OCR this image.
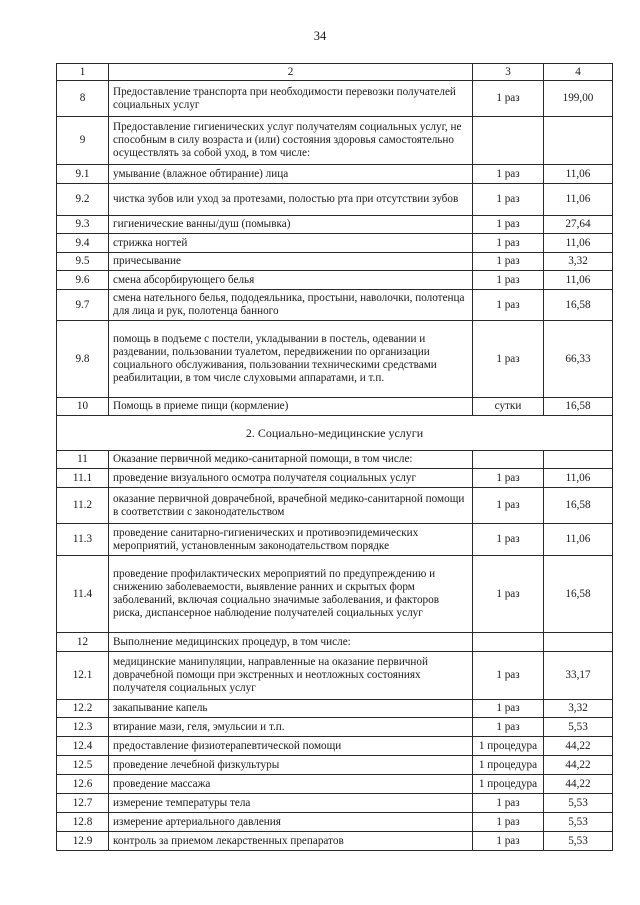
34
1	2	3	4
8	Предоставление транспорта при необходимости перевозки получателей социальных услуг	1 раз	199,00
9	Предоставление гигиенических услуг получателям социальных услуг, не способным в силу возраста и (или) состояния здоровья самостоятельно осуществлять за собой уход, в том числе:		
9.1	умывание (влажное обтирание) лица	1 раз	11,06
9.2	чистка зубов или уход за протезами, полостью рта при отсутствии зубов	1 раз	11,06
9.3	гигиенические ванны/душ (помывка)	1 раз	27,64
9.4	стрижка ногтей	1 раз	11,06
9.5	причесывание	1 раз	3,32
9.6	смена абсорбирующего белья	1 раз	11,06
9.7	смена нательного белья, пододеяльника, простыни, наволочки, полотенца для лица и рук, полотенца банного	1 раз	16,58
9.8	помощь в подъеме с постели, укладывании в постель, одевании и раздевании, пользовании туалетом, передвижении по организации социального обслуживания, пользовании техническими средствами реабилитации, в том числе слуховыми аппаратами, и т.п.	1 раз	66,33
10	Помощь в приеме пищи (кормление)	сутки	16,58
2. Социально-медицинские услуги			
11	Оказание первичной медико-санитарной помощи, в том числе:		
11.1	проведение визуального осмотра получателя социальных услуг	1 раз	11,06
11.2	оказание первичной доврачебной, врачебной медико-санитарной помощи в соответствии с законодательством	1 раз	16,58
11.3	проведение санитарно-гигиенических и противоэпидемических мероприятий, установленным законодательством порядке	1 раз	11,06
11.4	проведение профилактических мероприятий по предупреждению и снижению заболеваемости, выявление ранних и скрытых форм заболеваний, включая социально значимые заболевания, и факторов риска, диспансерное наблюдение получателей социальных услуг	1 раз	16,58
12	Выполнение медицинских процедур, в том числе:		
12.1	медицинские манипуляции, направленные на оказание первичной доврачебной помощи при экстренных и неотложных состояниях получателя социальных услуг	1 раз	33,17
12.2	закапывание капель	1 раз	3,32
12.3	втирание мази, геля, эмульсии и т.п.	1 раз	5,53
12.4	предоставление физиотерапевтической помощи	1 процедура	44,22
12.5	проведение лечебной физкультуры	1 процедура	44,22
12.6	проведение массажа	1 процедура	44,22
12.7	измерение температуры тела	1 раз	5,53
12.8	измерение артериального давления	1 раз	5,53
12.9	контроль за приемом лекарственных препаратов	1 раз	5,53
